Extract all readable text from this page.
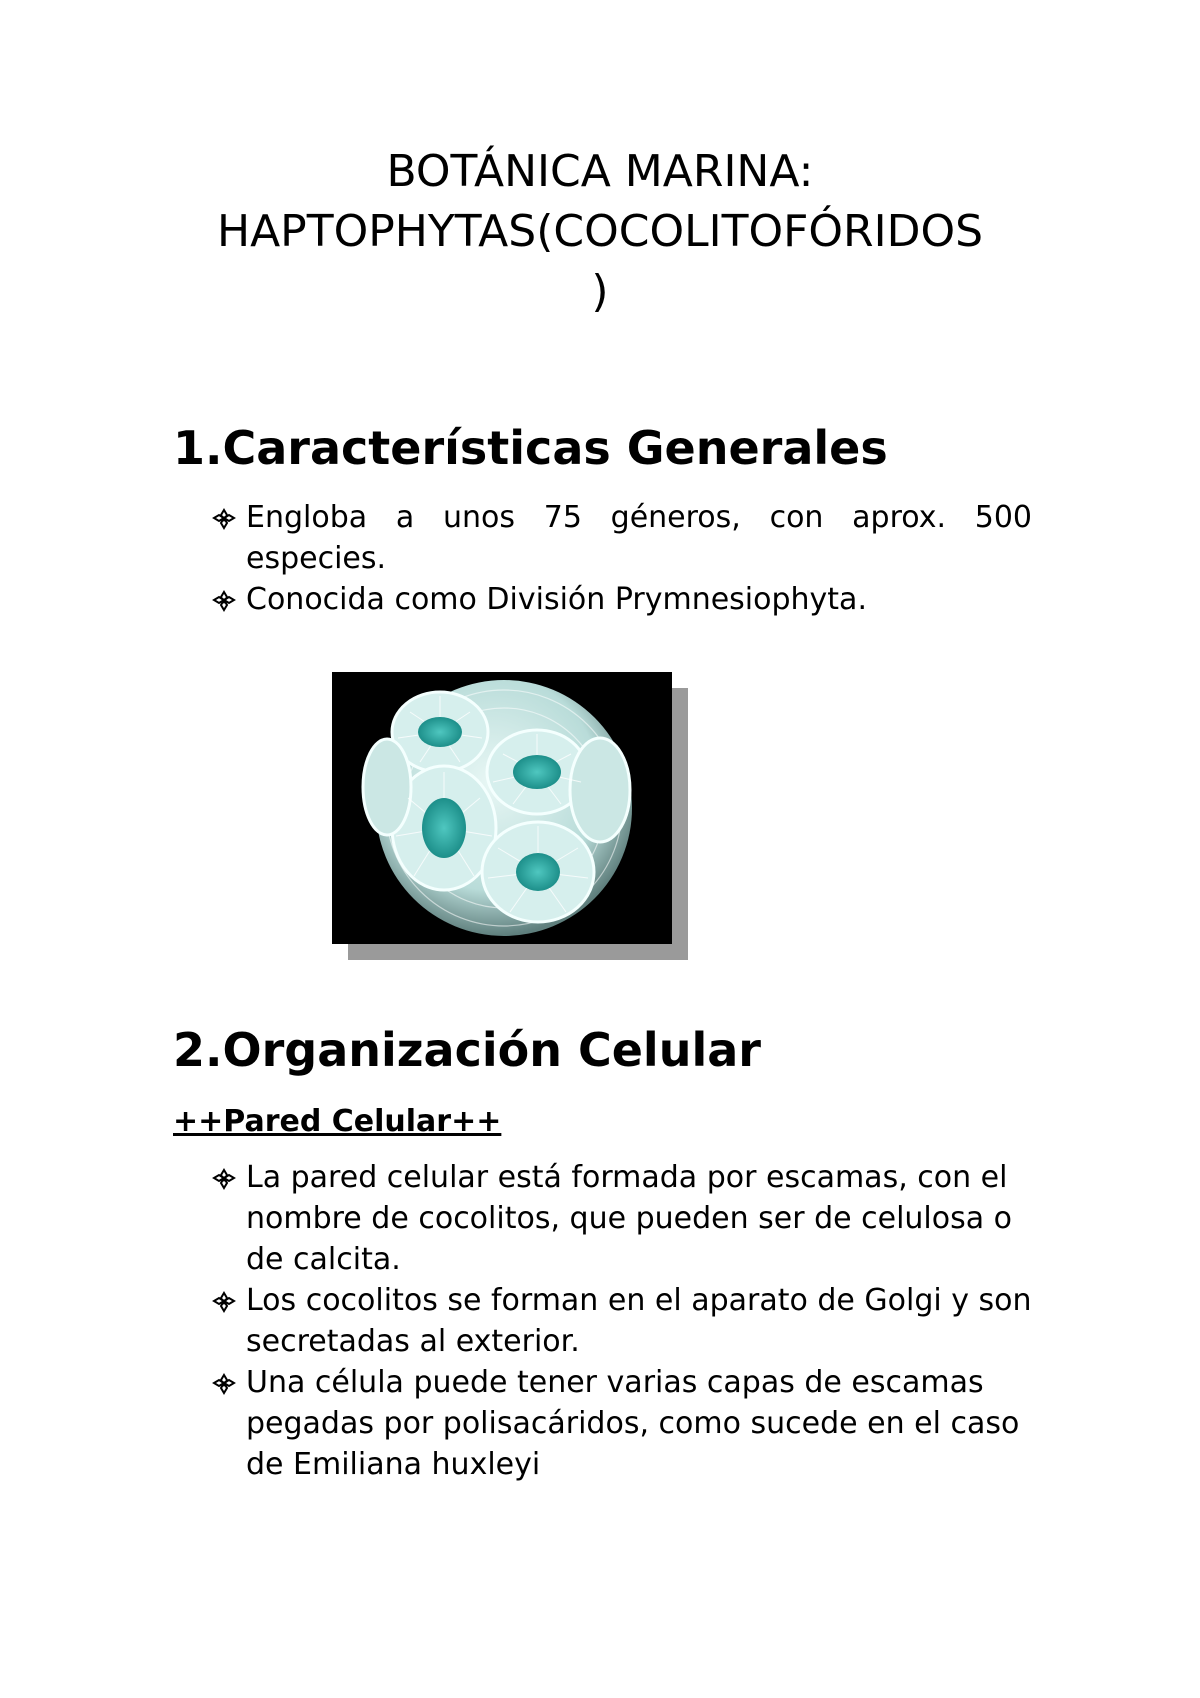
BOTÁNICA MARINA:
HAPTOPHYTAS(COCOLITOFÓRIDOS
)
1.Características Generales
Engloba a unos 75 géneros, con aprox. 500 especies.
Conocida como División Prymnesiophyta.
2.Organización Celular
++Pared Celular++
La pared celular está formada por escamas, con el nombre de cocolitos, que pueden ser de celulosa o de calcita.
Los cocolitos se forman en el aparato de Golgi y son secretadas al exterior.
Una célula puede tener varias capas de escamas pegadas por polisacáridos, como sucede en el caso de Emiliana huxleyi
